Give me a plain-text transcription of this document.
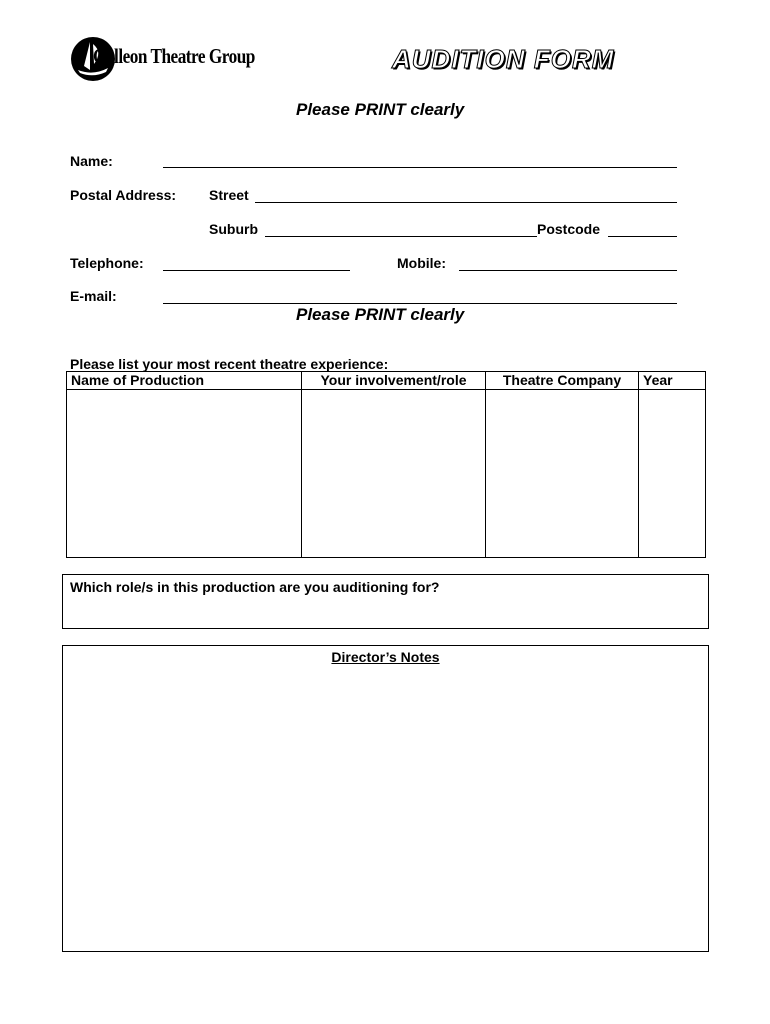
Galleon Theatre Group	AUDITION FORM
Please PRINT clearly
Name:
Postal Address: Street
Suburb	Postcode
Telephone:	Mobile:
E-mail:
Please PRINT clearly
Please list your most recent theatre experience:
Name of Production	Your involvement/role	Theatre Company	Year

Which role/s in this production are you auditioning for?
Director’s Notes
